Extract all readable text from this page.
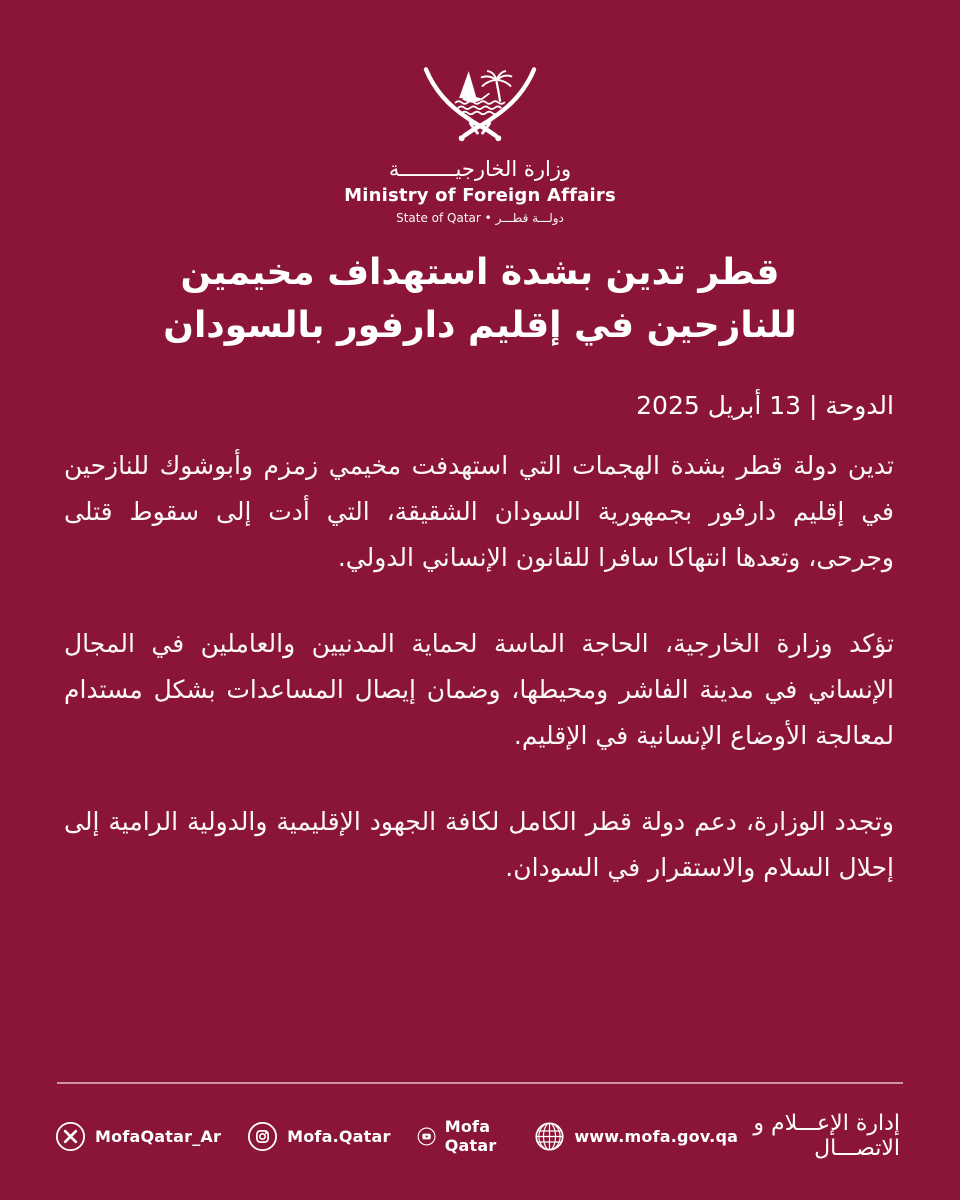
وزارة الخارجيـــــــــة
Ministry of Foreign Affairs
State of Qatar • دولـــة قطـــر
قطر تدين بشدة استهداف مخيمين
للنازحين في إقليم دارفور بالسودان
الدوحة | 13 أبريل 2025

تدين دولة قطر بشدة الهجمات التي استهدفت مخيمي زمزم وأبوشوك للنازحين في إقليم دارفور بجمهورية السودان الشقيقة، التي أدت إلى سقوط قتلى وجرحى، وتعدها انتهاكا سافرا للقانون الإنساني الدولي.

تؤكد وزارة الخارجية، الحاجة الماسة لحماية المدنيين والعاملين في المجال الإنساني في مدينة الفاشر ومحيطها، وضمان إيصال المساعدات بشكل مستدام لمعالجة الأوضاع الإنسانية في الإقليم.

وتجدد الوزارة، دعم دولة قطر الكامل لكافة الجهود الإقليمية والدولية الرامية إلى إحلال السلام والاستقرار في السودان.

MofaQatar_Ar	Mofa.Qatar	Mofa Qatar	www.mofa.gov.qa إدارة الإعـــلام و الاتصـــال
